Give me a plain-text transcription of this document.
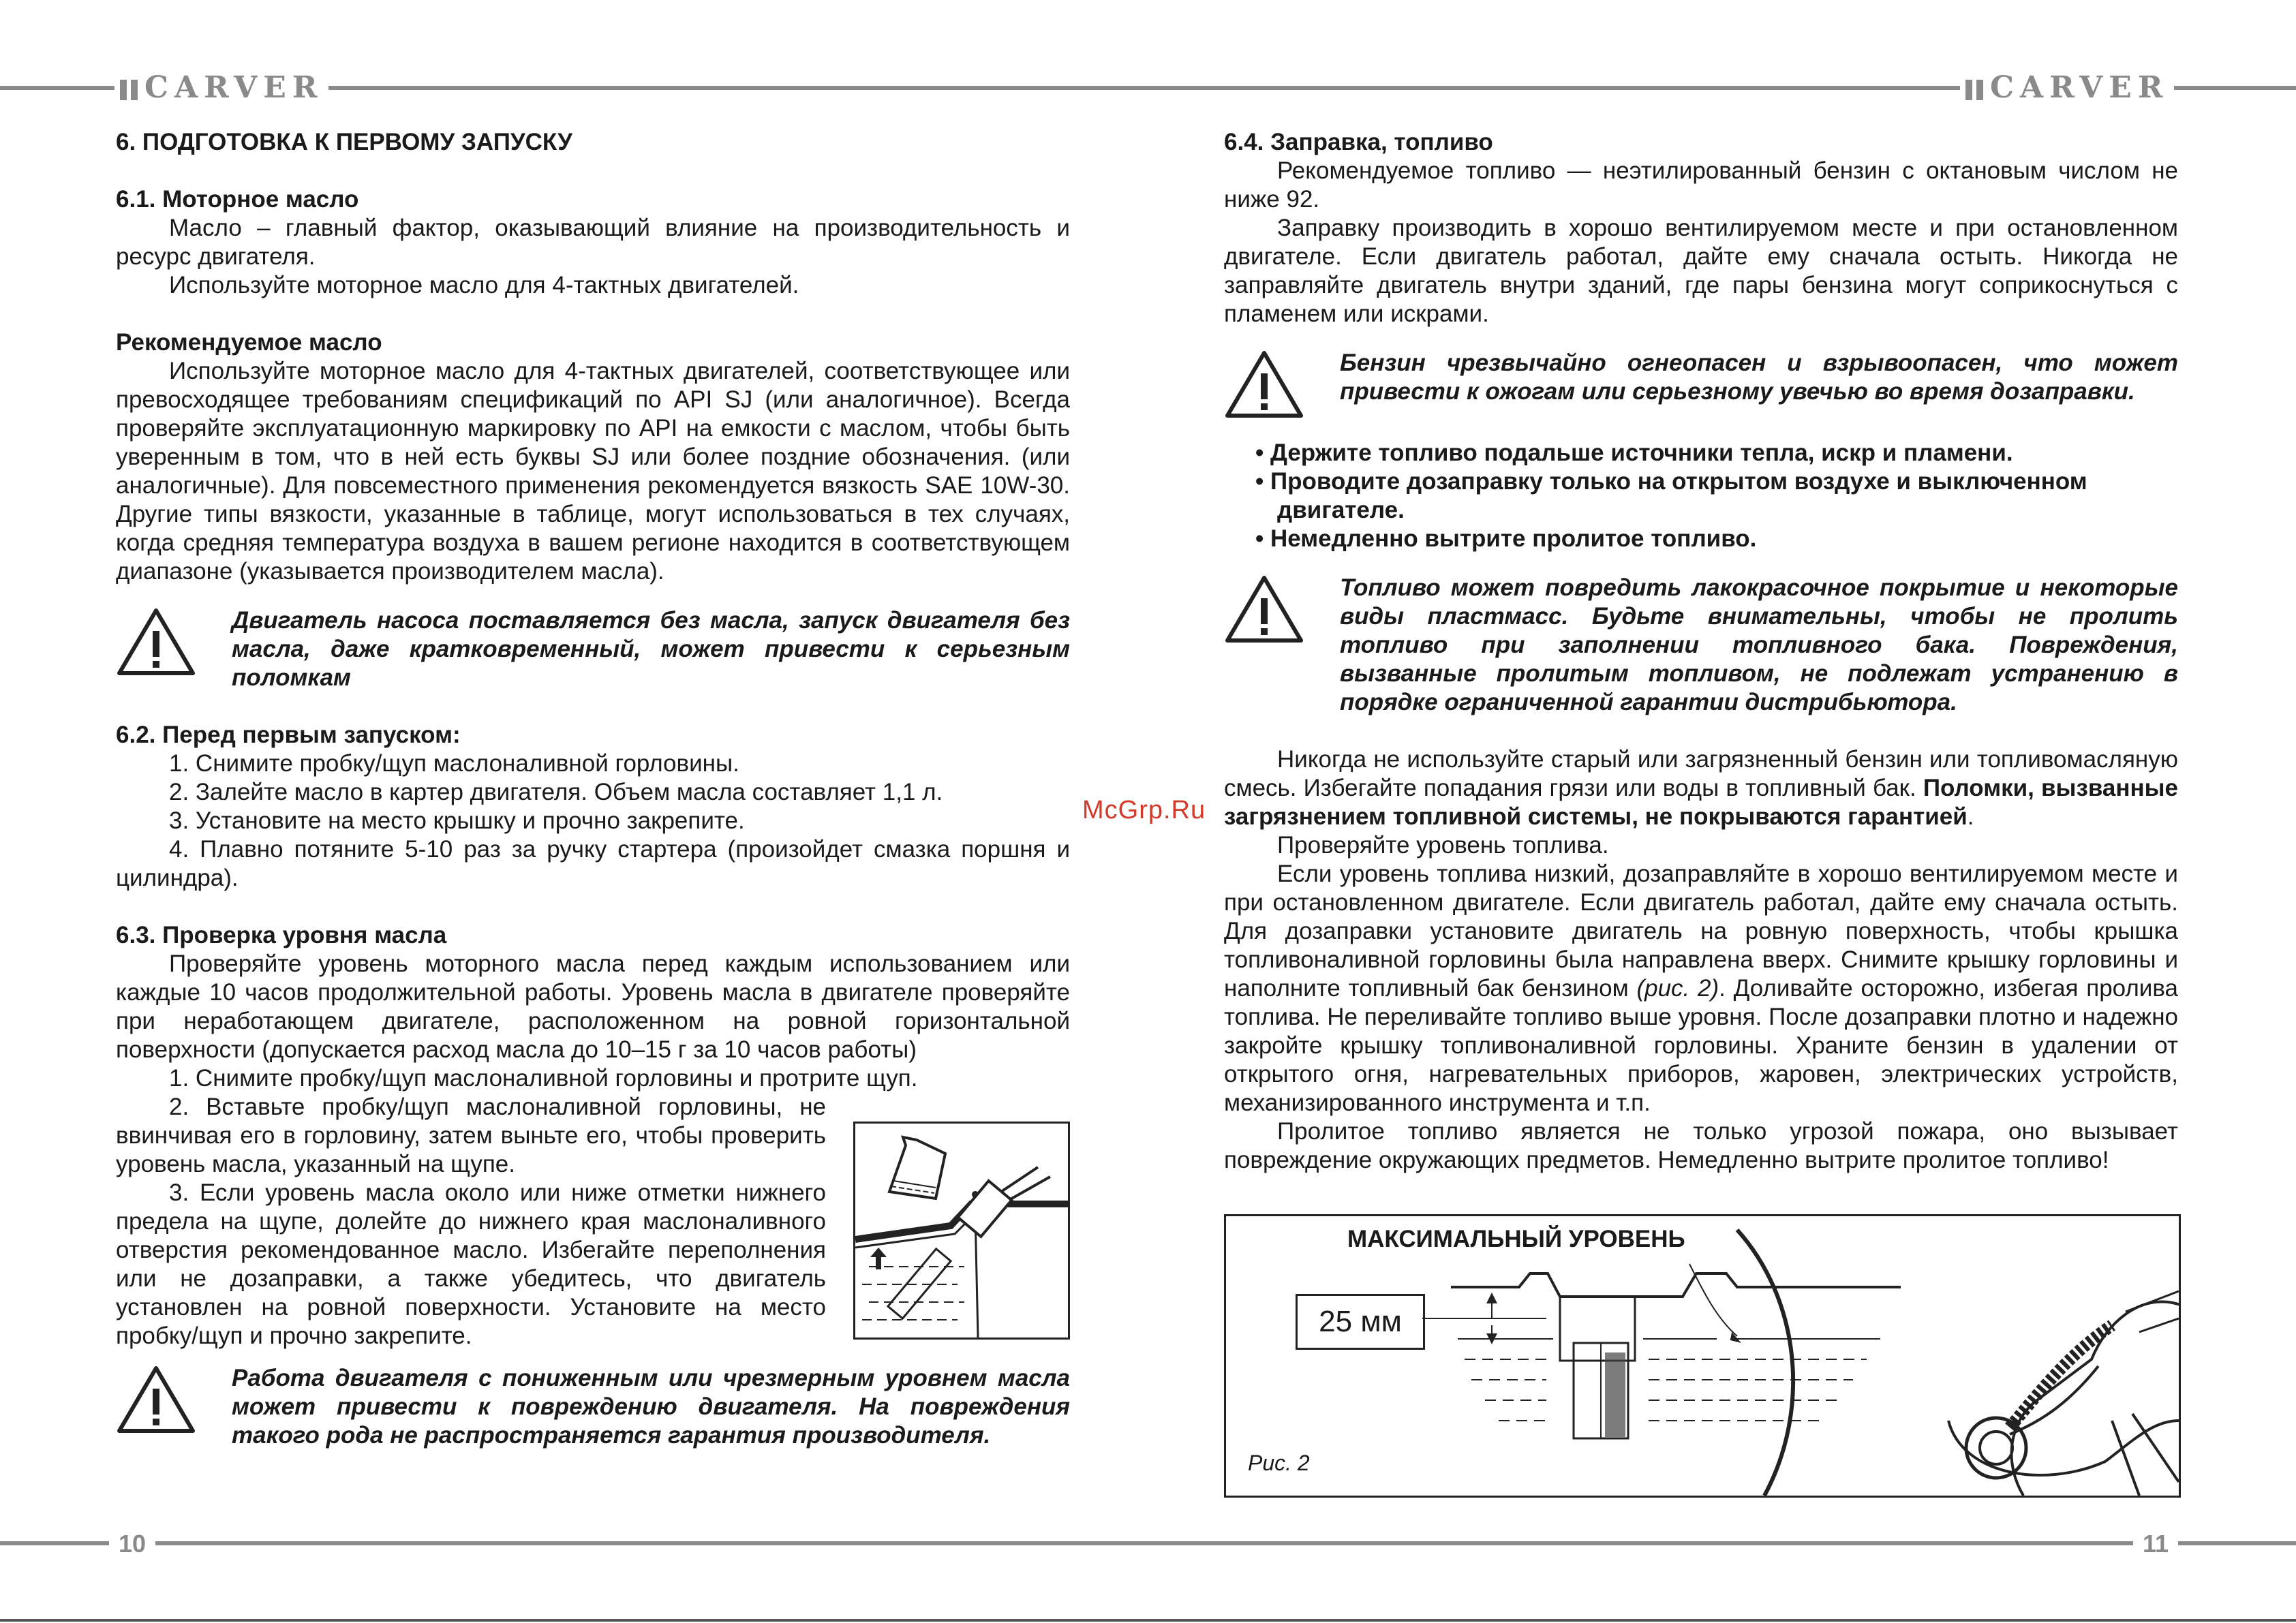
CARVER	CARVER
10	11
McGrp.Ru

6. ПОДГОТОВКА К ПЕРВОМУ ЗАПУСКУ

6.1. Моторное масло

Масло – главный фактор, оказывающий влияние на производительность и ресурс двигателя.

Используйте моторное масло для 4-тактных двигателей.

Рекомендуемое масло

Используйте моторное масло для 4-тактных двигателей, соответствующее или превосходящее требованиям спецификаций по API SJ (или аналогичное). Всегда проверяйте эксплуатационную маркировку по API на емкости с маслом, чтобы быть уверенным в том, что в ней есть буквы SJ или более поздние обозначения. (или аналогичные). Для повсеместного применения рекомендуется вязкость SAE 10W-30. Другие типы вязкости, указанные в таблице, могут использоваться в тех случаях, когда средняя температура воздуха в вашем регионе находится в соответствующем диапазоне (указывается производителем масла).

Двигатель насоса поставляется без масла, запуск двигателя без масла, даже кратковременный, может привести к серьезным поломкам

6.2. Перед первым запуском:

1. Снимите пробку/щуп маслоналивной горловины.

2. Залейте масло в картер двигателя. Объем масла составляет 1,1 л.

3. Установите на место крышку и прочно закрепите.

4. Плавно потяните 5-10 раз за ручку стартера (произойдет смазка поршня и цилиндра).

6.3. Проверка уровня масла

Проверяйте уровень моторного масла перед каждым использованием или каждые 10 часов продолжительной работы. Уровень масла в двигателе проверяйте при неработающем двигателе, расположенном на ровной горизонтальной поверхности (допускается расход масла до 10–15 г за 10 часов работы)

1. Снимите пробку/щуп маслоналивной горловины и протрите щуп.

2. Вставьте пробку/щуп маслоналивной горловины, не ввинчивая его в горловину, затем выньте его, чтобы проверить уровень масла, указанный на щупе.

3. Если уровень масла около или ниже отметки нижнего предела на щупе, долейте до нижнего края маслоналивного отверстия рекомендованное масло. Избегайте переполнения или не дозаправки, а также убедитесь, что двигатель установлен на ровной поверхности. Установите на место пробку/щуп и прочно закрепите.

Работа двигателя с пониженным или чрезмерным уровнем масла может привести к повреждению двигателя. На повреждения такого рода не распространяется гарантия производителя.

6.4. Заправка, топливо

Рекомендуемое топливо — неэтилированный бензин с октановым числом не ниже 92.

Заправку производить в хорошо вентилируемом месте и при остановленном двигателе. Если двигатель работал, дайте ему сначала остыть. Никогда не заправляйте двигатель внутри зданий, где пары бензина могут соприкоснуться с пламенем или искрами.

Бензин чрезвычайно огнеопасен и взрывоопасен, что может привести к ожогам или серьезному увечью во время дозаправки.

• Держите топливо подальше источники тепла, искр и пламени.
• Проводите дозаправку только на открытом воздухе и выключенном двигателе.
• Немедленно вытрите пролитое топливо.

Топливо может повредить лакокрасочное покрытие и некоторые виды пластмасс. Будьте внимательны, чтобы не пролить топливо при заполнении топливного бака. Повреждения, вызванные пролитым топливом, не подлежат устранению в порядке ограниченной гарантии дистрибьютора.

Никогда не используйте старый или загрязненный бензин или топливомасляную смесь. Избегайте попадания грязи или воды в топливный бак. Поломки, вызванные загрязнением топливной системы, не покрываются гарантией.

Проверяйте уровень топлива.

Если уровень топлива низкий, дозаправляйте в хорошо вентилируемом месте и при остановленном двигателе. Если двигатель работал, дайте ему сначала остыть. Для дозаправки установите двигатель на ровную поверхность, чтобы крышка топливоналивной горловины была направлена вверх. Снимите крышку горловины и наполните топливный бак бензином (рис. 2). Доливайте осторожно, избегая пролива топлива. Не переливайте топливо выше уровня. После дозаправки плотно и надежно закройте крышку топливоналивной горловины. Храните бензин в удалении от открытого огня, нагревательных приборов, жаровен, электрических устройств, механизированного инструмента и т.п.

Пролитое топливо является не только угрозой пожара, оно вызывает повреждение окружающих предметов. Немедленно вытрите пролитое топливо!

МАКСИМАЛЬНЫЙ УРОВЕНЬ
25 мм
Рис. 2
